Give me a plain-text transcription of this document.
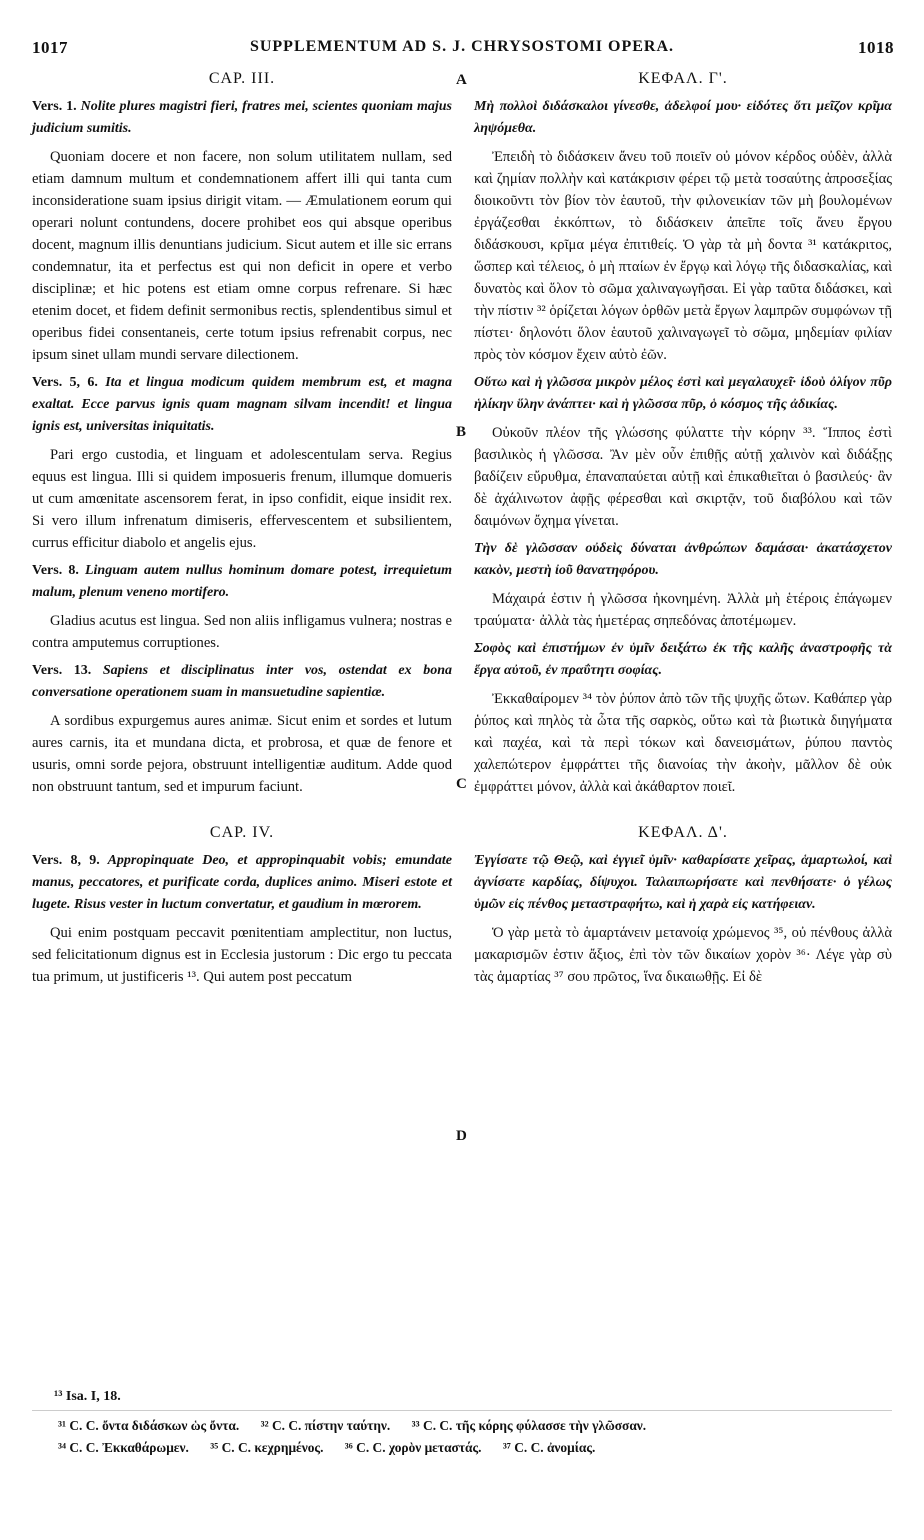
1017	SUPPLEMENTUM AD S. J. CHRYSOSTOMI OPERA.	1018
A
B
C
D
CAP. III.

Vers. 1. Nolite plures magistri fieri, fratres mei, scientes quoniam majus judicium sumitis.

Quoniam docere et non facere, non solum utilitatem nullam, sed etiam damnum multum et condemnationem affert illi qui tanta cum inconsideratione suam ipsius dirigit vitam. — Æmulationem eorum qui operari nolunt contundens, docere prohibet eos qui absque operibus docent, magnum illis denuntians judicium. Sicut autem et ille sic errans condemnatur, ita et perfectus est qui non deficit in opere et verbo disciplinæ; et hic potens est etiam omne corpus refrenare. Si hæc etenim docet, et fidem definit sermonibus rectis, splendentibus simul et operibus fidei consentaneis, certe totum ipsius refrenabit corpus, nec ipsum sinet ullam mundi servare dilectionem.

Vers. 5, 6. Ita et lingua modicum quidem membrum est, et magna exaltat. Ecce parvus ignis quam magnam silvam incendit! et lingua ignis est, universitas iniquitatis.

Pari ergo custodia, et linguam et adolescentulam serva. Regius equus est lingua. Illi si quidem imposueris frenum, illumque domueris ut cum amœnitate ascensorem ferat, in ipso confidit, eique insidit rex. Si vero illum infrenatum dimiseris, effervescentem et subsilientem, currus efficitur diabolo et angelis ejus.

Vers. 8. Linguam autem nullus hominum domare potest, irrequietum malum, plenum veneno mortifero.

Gladius acutus est lingua. Sed non aliis infligamus vulnera; nostras e contra amputemus corruptiones.

Vers. 13. Sapiens et disciplinatus inter vos, ostendat ex bona conversatione operationem suam in mansuetudine sapientiæ.

A sordibus expurgemus aures animæ. Sicut enim et sordes et lutum aures carnis, ita et mundana dicta, et probrosa, et quæ de fenore et usuris, omni sorde pejora, obstruunt intelligentiæ auditum. Adde quod non obstruunt tantum, sed et impurum faciunt.

CAP. IV.

Vers. 8, 9. Appropinquate Deo, et appropinquabit vobis; emundate manus, peccatores, et purificate corda, duplices animo. Miseri estote et lugete. Risus vester in luctum convertatur, et gaudium in mœrorem.

Qui enim postquam peccavit pœnitentiam amplectitur, non luctus, sed felicitationum dignus est in Ecclesia justorum : Dic ergo tu peccata tua primum, ut justificeris ¹³. Qui autem post peccatum

ΚΕΦΑΛ. Γ'.

Μὴ πολλοὶ διδάσκαλοι γίνεσθε, ἀδελφοί μου· εἰδότες ὅτι μεῖζον κρῖμα ληψόμεθα.

Ἐπειδὴ τὸ διδάσκειν ἄνευ τοῦ ποιεῖν οὐ μόνον κέρδος οὐδὲν, ἀλλὰ καὶ ζημίαν πολλὴν καὶ κατάκρισιν φέρει τῷ μετὰ τοσαύτης ἀπροσεξίας διοικοῦντι τὸν βίον τὸν ἑαυτοῦ, τὴν φιλονεικίαν τῶν μὴ βουλομένων ἐργάζεσθαι ἐκκόπτων, τὸ διδάσκειν ἀπεῖπε τοῖς ἄνευ ἔργου διδάσκουσι, κρῖμα μέγα ἐπιτιθείς. Ὁ γὰρ τὰ μὴ δοντα ³¹ κατάκριτος, ὥσπερ καὶ τέλειος, ὁ μὴ πταίων ἐν ἔργῳ καὶ λόγῳ τῆς διδασκαλίας, καὶ δυνατὸς καὶ ὅλον τὸ σῶμα χαλιναγωγῆσαι. Εἰ γὰρ ταῦτα διδάσκει, καὶ τὴν πίστιν ³² ὁρίζεται λόγων ὀρθῶν μετὰ ἔργων λαμπρῶν συμφώνων τῇ πίστει· δηλονότι ὅλον ἑαυτοῦ χαλιναγωγεῖ τὸ σῶμα, μηδεμίαν φιλίαν πρὸς τὸν κόσμον ἔχειν αὐτὸ ἐῶν.

Οὕτω καὶ ἡ γλῶσσα μικρὸν μέλος ἐστὶ καὶ μεγαλαυχεῖ· ἰδοὺ ὀλίγον πῦρ ἡλίκην ὕλην ἀνάπτει· καὶ ἡ γλῶσσα πῦρ, ὁ κόσμος τῆς ἀδικίας.

Οὐκοῦν πλέον τῆς γλώσσης φύλαττε τὴν κόρην ³³. Ἵππος ἐστὶ βασιλικὸς ἡ γλῶσσα. Ἂν μὲν οὖν ἐπιθῇς αὐτῇ χαλινὸν καὶ διδάξῃς βαδίζειν εὔρυθμα, ἐπαναπαύεται αὐτῇ καὶ ἐπικαθιεῖται ὁ βασιλεύς· ἂν δὲ ἀχάλινωτον ἀφῇς φέρεσθαι καὶ σκιρτᾷν, τοῦ διαβόλου καὶ τῶν δαιμόνων ὄχημα γίνεται.

Τὴν δὲ γλῶσσαν οὐδεὶς δύναται ἀνθρώπων δαμάσαι· ἀκατάσχετον κακὸν, μεστὴ ἰοῦ θανατηφόρου.

Μάχαιρά ἐστιν ἡ γλῶσσα ἠκονημένη. Ἀλλὰ μὴ ἑτέροις ἐπάγωμεν τραύματα· ἀλλὰ τὰς ἡμετέρας σηπεδόνας ἀποτέμωμεν.

Σοφὸς καὶ ἐπιστήμων ἐν ὑμῖν δειξάτω ἐκ τῆς καλῆς ἀναστροφῆς τὰ ἔργα αὐτοῦ, ἐν πραΰτητι σοφίας.

Ἐκκαθαίρομεν ³⁴ τὸν ῥύπον ἀπὸ τῶν τῆς ψυχῆς ὤτων. Καθάπερ γὰρ ῥύπος καὶ πηλὸς τὰ ὦτα τῆς σαρκὸς, οὕτω καὶ τὰ βιωτικὰ διηγήματα καὶ παχέα, καὶ τὰ περὶ τόκων καὶ δανεισμάτων, ῥύπου παντὸς χαλεπώτερον ἐμφράττει τῆς διανοίας τὴν ἀκοὴν, μᾶλλον δὲ οὐκ ἐμφράττει μόνον, ἀλλὰ καὶ ἀκάθαρτον ποιεῖ.

ΚΕΦΑΛ. Δ'.

Ἐγγίσατε τῷ Θεῷ, καὶ ἐγγιεῖ ὑμῖν· καθαρίσατε χεῖρας, ἁμαρτωλοί, καὶ ἁγνίσατε καρδίας, δίψυχοι. Ταλαιπωρήσατε καὶ πενθήσατε· ὁ γέλως ὑμῶν εἰς πένθος μεταστραφήτω, καὶ ἡ χαρὰ εἰς κατήφειαν.

Ὁ γὰρ μετὰ τὸ ἁμαρτάνειν μετανοίᾳ χρώμενος ³⁵, οὐ πένθους ἀλλὰ μακαρισμῶν ἐστιν ἄξιος, ἐπὶ τὸν τῶν δικαίων χορὸν ³⁶· Λέγε γὰρ σὺ τὰς ἁμαρτίας ³⁷ σου πρῶτος, ἵνα δικαιωθῇς. Εἰ δὲ

¹³ Isa. I, 18.
³¹ C. C. ὄντα διδάσκων ὡς ὄντα. ³² C. C. πίστην ταύτην. ³³ C. C. τῆς κόρης φύλασσε τὴν γλῶσσαν.
³⁴ C. C. Ἐκκαθάρωμεν. ³⁵ C. C. κεχρημένος. ³⁶ C. C. χορὸν μεταστάς. ³⁷ C. C. ἀνομίας.
